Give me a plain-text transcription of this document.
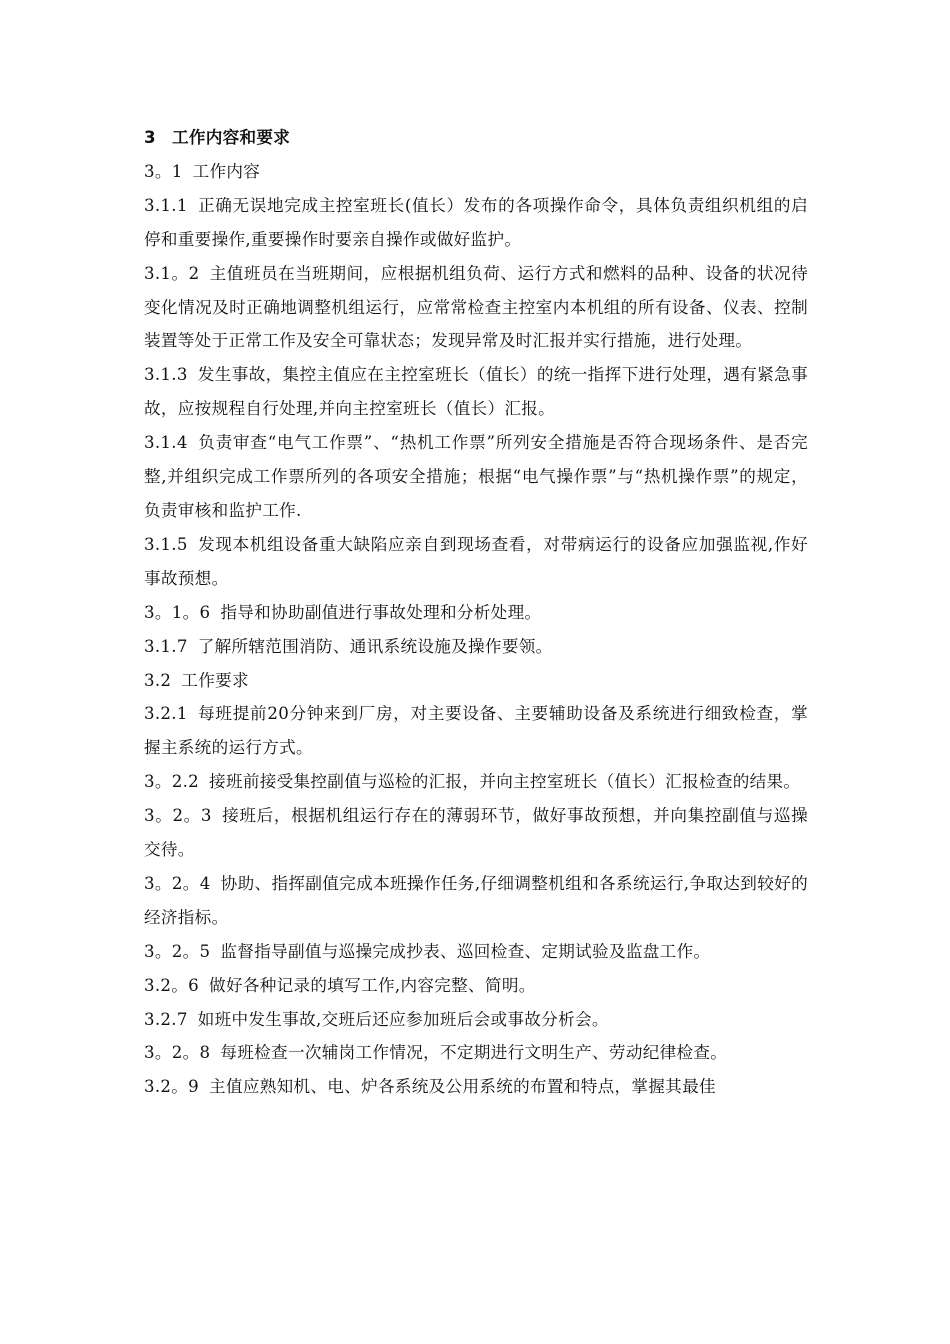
3 工作内容和要求

3。1 工作内容

3.1.1 正确无误地完成主控室班长(值长）发布的各项操作命令，具体负责组织机组的启停和重要操作,重要操作时要亲自操作或做好监护。

3.1。2 主值班员在当班期间，应根据机组负荷、运行方式和燃料的品种、设备的状况待变化情况及时正确地调整机组运行，应常常检查主控室内本机组的所有设备、仪表、控制装置等处于正常工作及安全可靠状态；发现异常及时汇报并实行措施，进行处理。

3.1.3 发生事故，集控主值应在主控室班长（值长）的统一指挥下进行处理，遇有紧急事故，应按规程自行处理,并向主控室班长（值长）汇报。

3.1.4 负责审查“电气工作票”、“热机工作票”所列安全措施是否符合现场条件、是否完整,并组织完成工作票所列的各项安全措施；根据“电气操作票”与“热机操作票”的规定，负责审核和监护工作.

3.1.5 发现本机组设备重大缺陷应亲自到现场查看，对带病运行的设备应加强监视,作好事故预想。

3。1。6 指导和协助副值进行事故处理和分析处理。

3.1.7 了解所辖范围消防、通讯系统设施及操作要领。

3.2 工作要求

3.2.1 每班提前20分钟来到厂房，对主要设备、主要辅助设备及系统进行细致检查，掌握主系统的运行方式。

3。2.2 接班前接受集控副值与巡检的汇报，并向主控室班长（值长）汇报检查的结果。

3。2。3 接班后，根据机组运行存在的薄弱环节，做好事故预想，并向集控副值与巡操交待。

3。2。4 协助、指挥副值完成本班操作任务,仔细调整机组和各系统运行,争取达到较好的经济指标。

3。2。5 监督指导副值与巡操完成抄表、巡回检查、定期试验及监盘工作。

3.2。6 做好各种记录的填写工作,内容完整、简明。

3.2.7 如班中发生事故,交班后还应参加班后会或事故分析会。

3。2。8 每班检查一次辅岗工作情况，不定期进行文明生产、劳动纪律检查。

3.2。9 主值应熟知机、电、炉各系统及公用系统的布置和特点，掌握其最佳
